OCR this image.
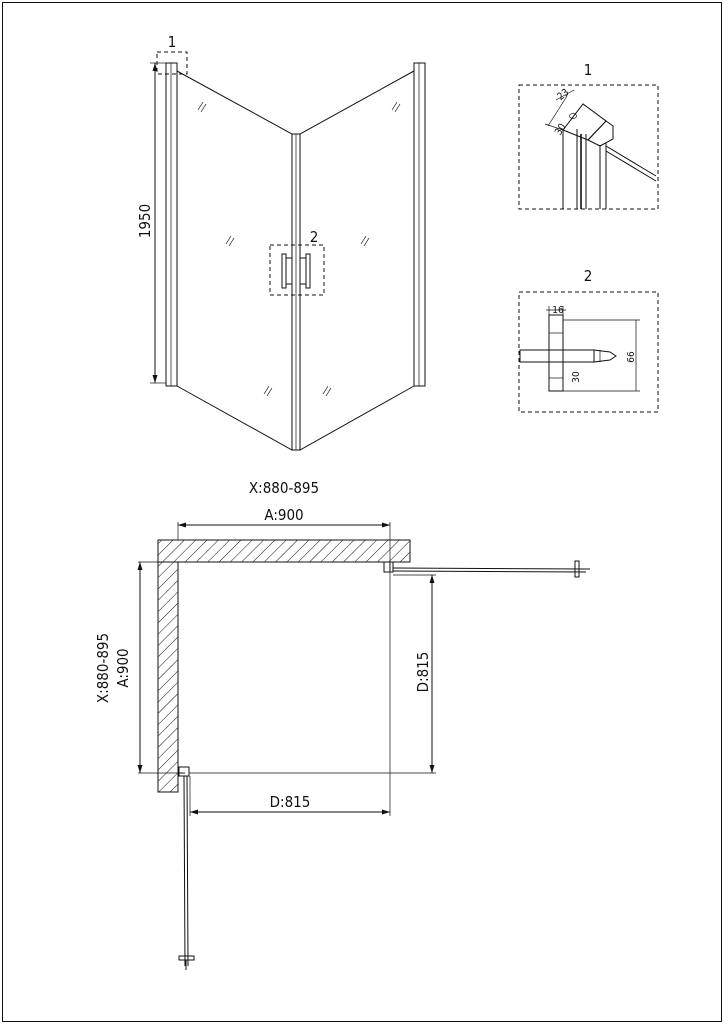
1
2
1950
1
23
30
2
16
66
30
X:880-895
A:900
X:880-895 A:900	D:815
D:815
